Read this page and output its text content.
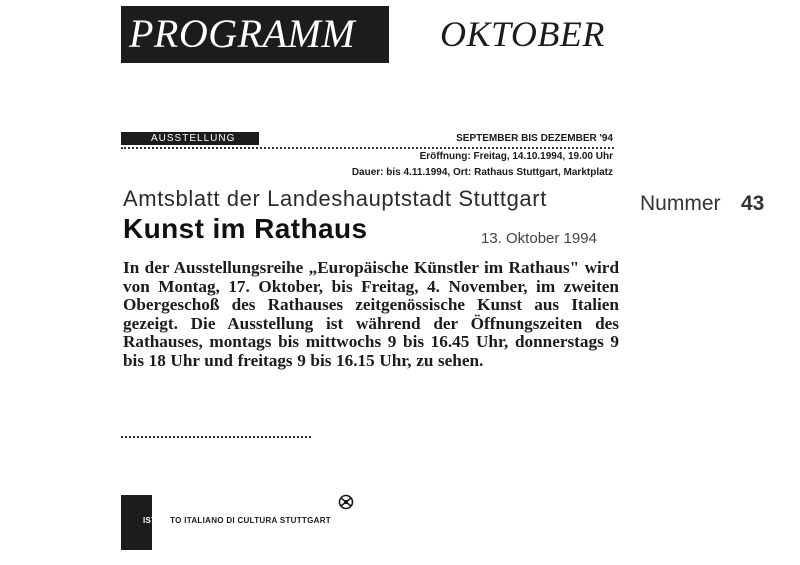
PROGRAMM OKTOBER
AUSSTELLUNG	SEPTEMBER BIS DEZEMBER '94
Eröffnung: Freitag, 14.10.1994, 19.00 Uhr
Dauer: bis 4.11.1994, Ort: Rathaus Stuttgart, Marktplatz
Amtsblatt der Landeshauptstadt Stuttgart	Nummer 43
Kunst im Rathaus	13. Oktober 1994
In der Ausstellungsreihe „Europäische Künstler im Rathaus" wird von Montag, 17. Oktober, bis Freitag, 4. November, im zweiten Obergeschoß des Rathauses zeitgenössische Kunst aus Italien gezeigt. Die Ausstellung ist während der Öffnungszeiten des Rathauses, montags bis mittwochs 9 bis 16.45 Uhr, donnerstags 9 bis 18 Uhr und freitags 9 bis 16.15 Uhr, zu sehen.
ISTITUTO ITALIANO DI CULTURA STUTTGART
